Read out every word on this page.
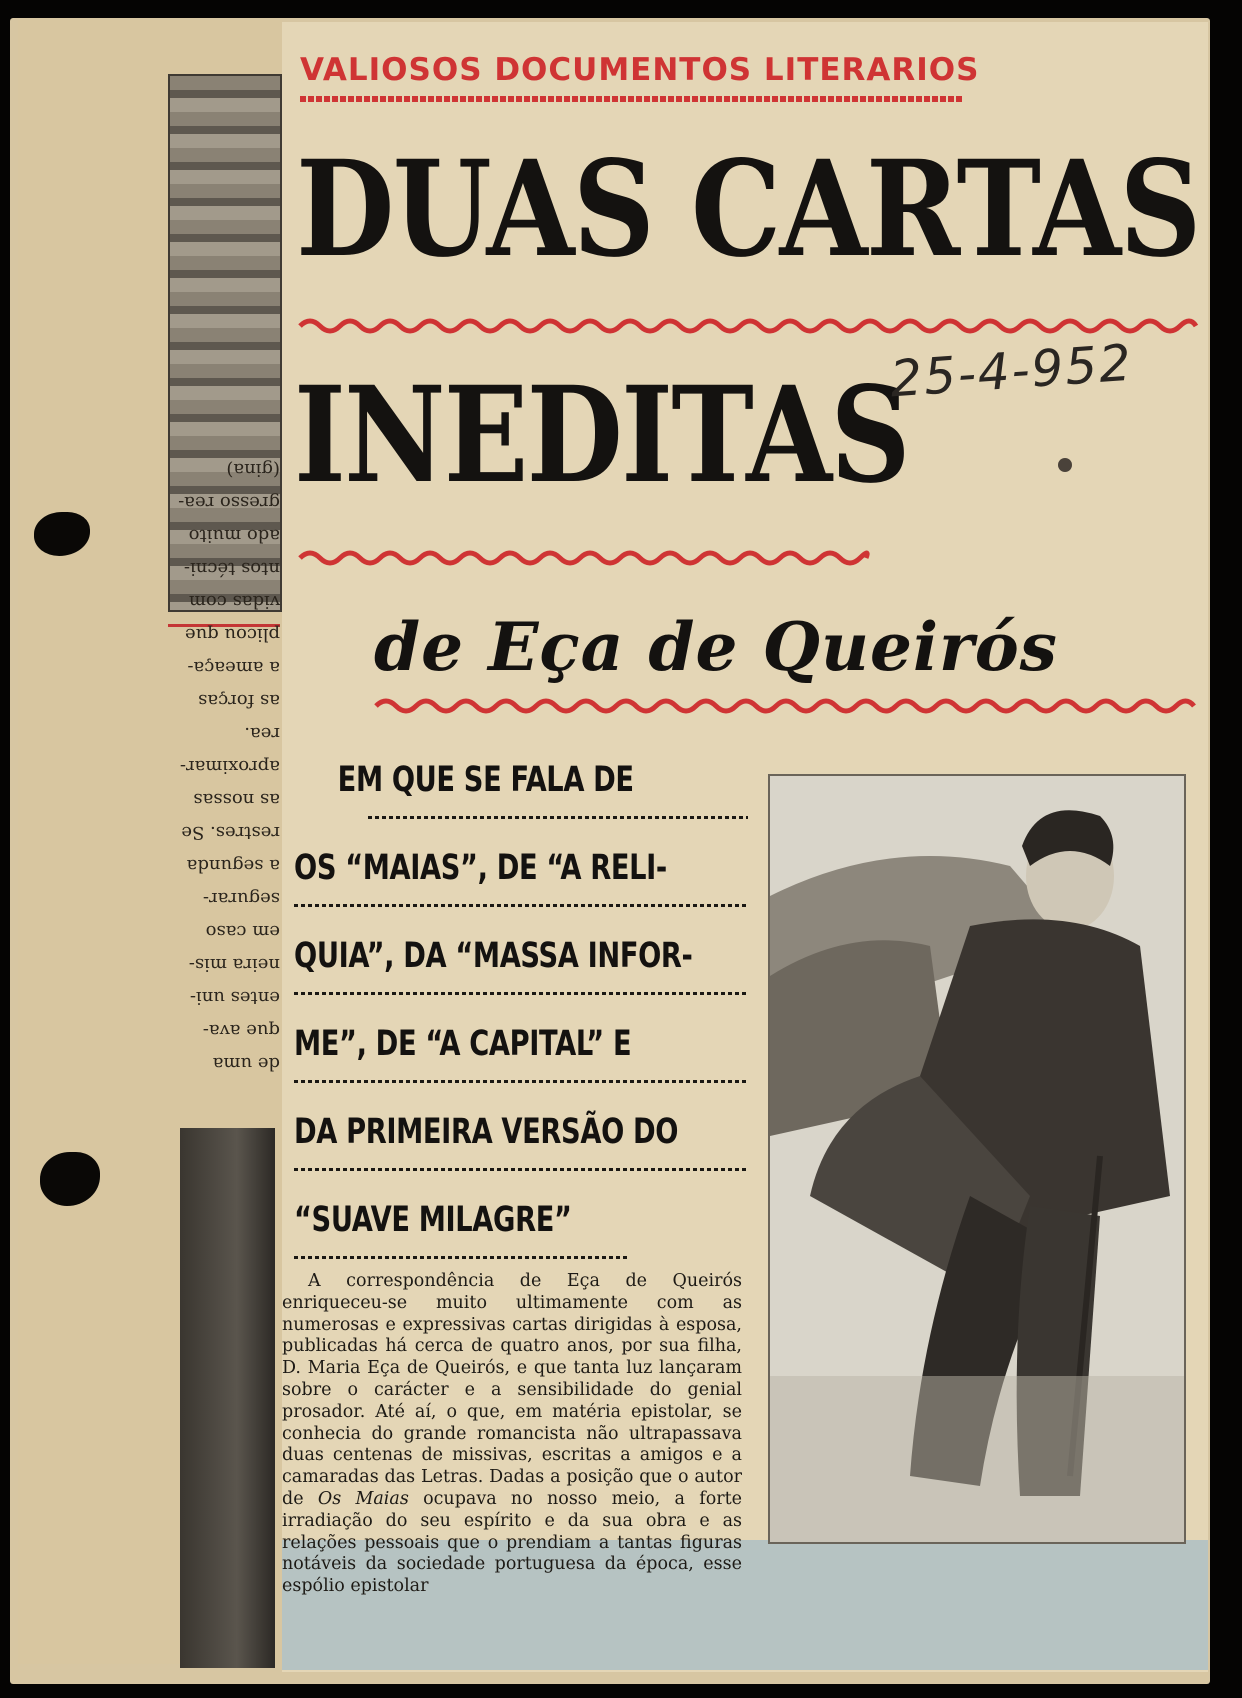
de uma
que ava-
entes uni-
neira mis-
em caso
segurar-
a segunda
restres. Se
as nossas
aproximar-
rea.
as forças
a ameaça-
plicou que
vidas com
ntos técni-
ado muito
gresso rea-
(gina)
VALIOSOS DOCUMENTOS LITERARIOS
DUAS CARTAS
INEDITAS
25-4-952
de Eça de Queirós
EM QUE SE FALA DE
OS “MAIAS”, DE “A RELI-
QUIA”, DA “MASSA INFOR-
ME”, DE “A CAPITAL” E
DA PRIMEIRA VERSÃO DO
“SUAVE MILAGRE”

A correspondência de Eça de Queirós enriqueceu-se muito ultimamente com as numerosas e expressivas cartas dirigidas à esposa, publicadas há cerca de quatro anos, por sua filha, D. Maria Eça de Queirós, e que tanta luz lançaram sobre o carácter e a sensibilidade do genial prosador. Até aí, o que, em matéria epistolar, se conhecia do grande romancista não ultrapassava duas centenas de missivas, escritas a amigos e a camaradas das Letras. Dadas a posição que o autor de Os Maias ocupava no nosso meio, a forte irradiação do seu espírito e da sua obra e as relações pessoais que o prendiam a tantas figuras notáveis da sociedade portuguesa da época, esse espólio epistolar
